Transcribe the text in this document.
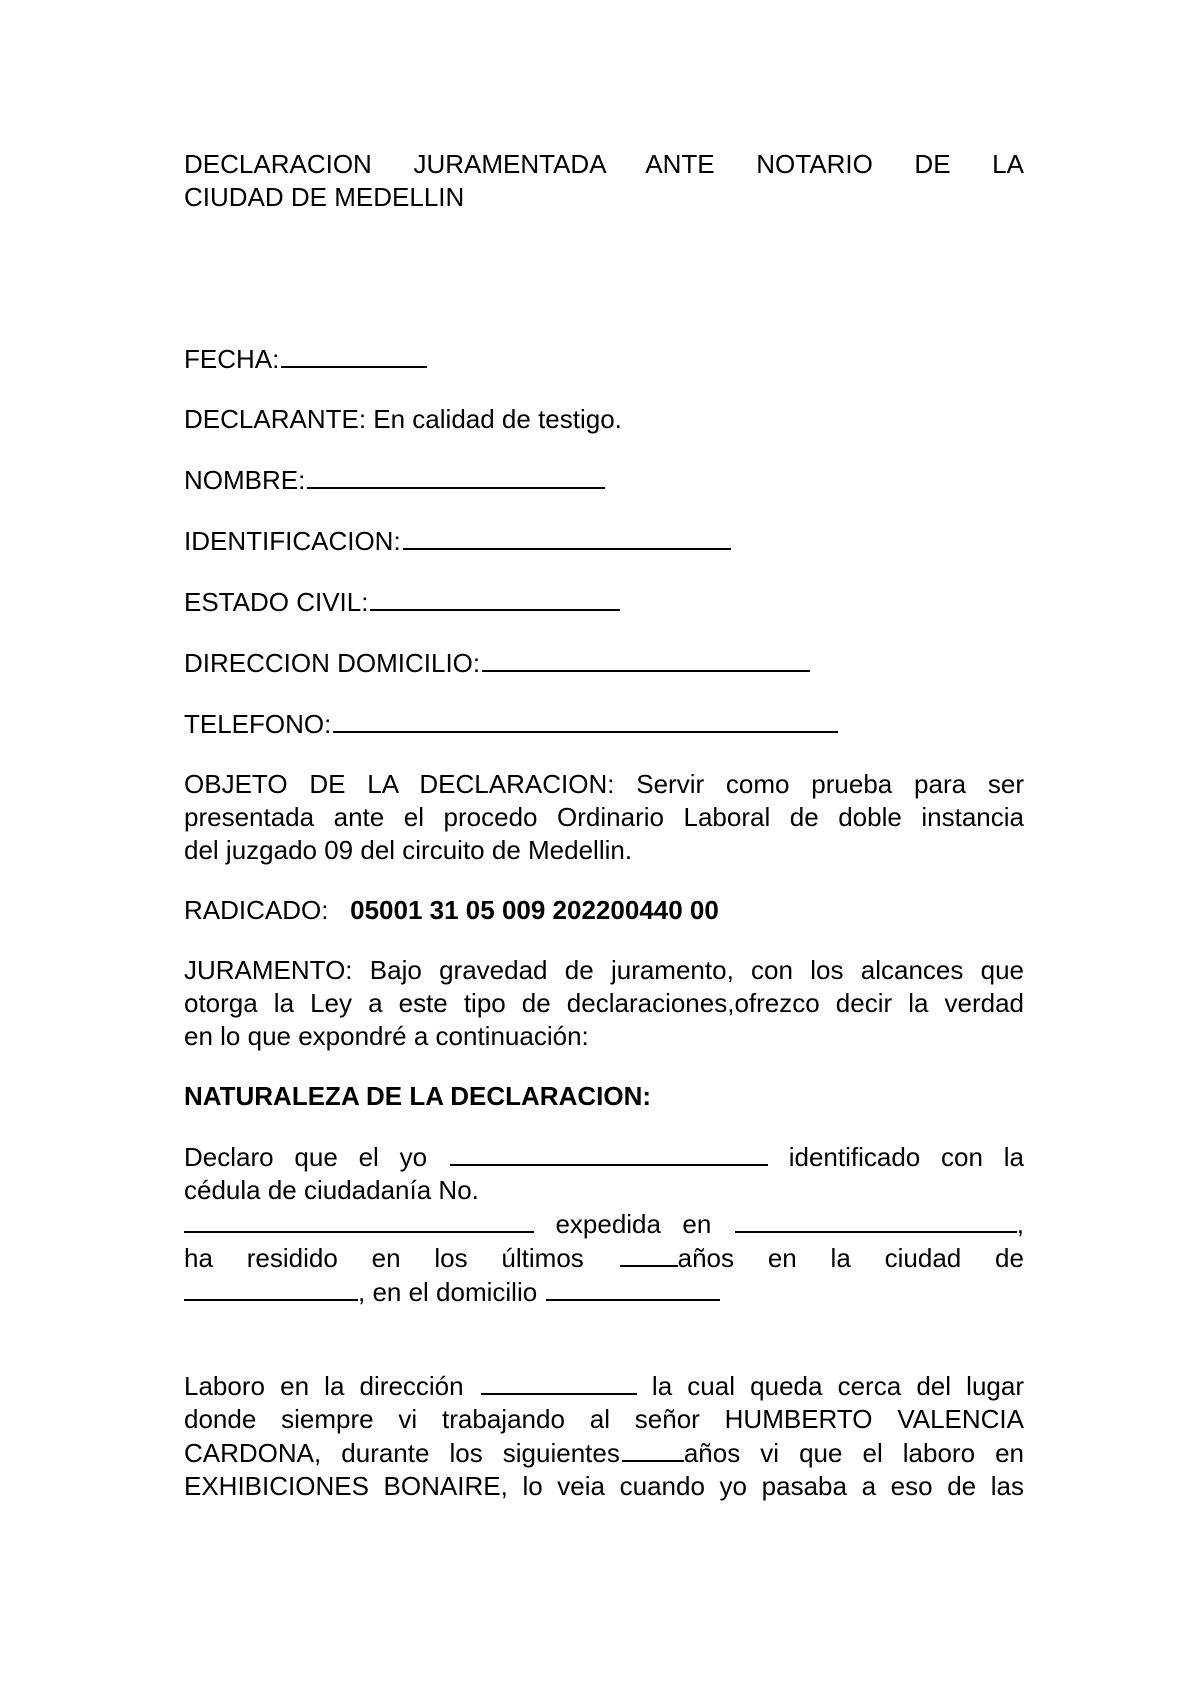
DECLARACION JURAMENTADA ANTE NOTARIO DE LA

CIUDAD DE MEDELLIN

FECHA:

DECLARANTE: En calidad de testigo.

NOMBRE:

IDENTIFICACION:

ESTADO CIVIL:

DIRECCION DOMICILIO:

TELEFONO:

OBJETO DE LA DECLARACION: Servir como prueba para ser

presentada ante el procedo Ordinario Laboral de doble instancia

del juzgado 09 del circuito de Medellin.

RADICADO: 05001 31 05 009 202200440 00

JURAMENTO: Bajo gravedad de juramento, con los alcances que

otorga la Ley a este tipo de declaraciones,ofrezco decir la verdad

en lo que expondré a continuación:

NATURALEZA DE LA DECLARACION:

Declaro que el yo	identificado con la

cédula de ciudadanía No.

expedida en	,

ha residido en los últimos	años en la ciudad de

, en el domicilio

Laboro en la dirección	la cual queda cerca del lugar

donde siempre vi trabajando al señor HUMBERTO VALENCIA

CARDONA, durante los siguientes años vi que el laboro en

EXHIBICIONES BONAIRE, lo veia cuando yo pasaba a eso de las
